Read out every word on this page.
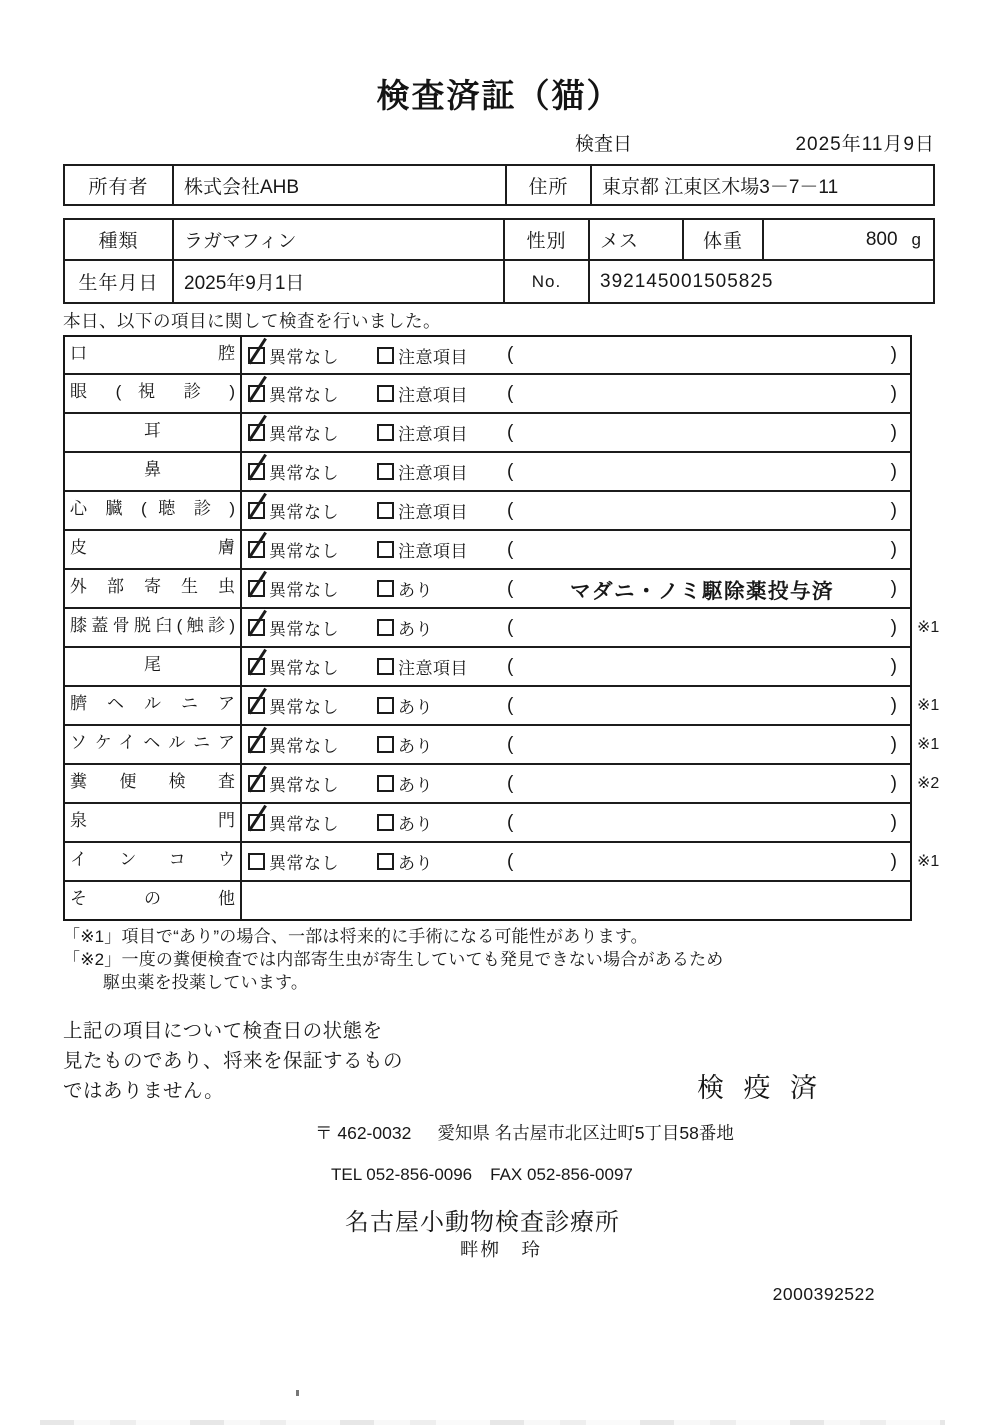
検査済証（猫）
検査日	2025年11月9日
所有者	株式会社AHB	住所	東京都 江東区木場3－7－11
種類	ラガマフィン	性別	メス	体重	800 g
生年月日	2025年9月1日	No.	392145001505825
本日、以下の項目に関して検査を行いました。
口 腔	異常なし	注意項目 (	)
眼 ( 視 診 )	異常なし	注意項目 (	)
耳	異常なし	注意項目 (	)
鼻	異常なし	注意項目 (	)
心 臓 ( 聴 診 )	異常なし	注意項目 (	)
皮 膚	異常なし	注意項目 (	)
外 部 寄 生 虫	異常なし	あり	(	マダニ・ノミ駆除薬投与済	)
膝蓋骨脱臼(触診)	異常なし	あり	(	)	※1
尾	異常なし	注意項目 (	)
臍 ヘ ル ニ ア	異常なし	あり	(	)	※1
ソケイヘルニア	異常なし	あり	(	)	※1
糞 便 検 査	異常なし	あり	(	)	※2
泉 門	異常なし	あり	(	)
イ ン コ ウ	異常なし	あり	(	)	※1
そ の 他
「※1」項目で“あり”の場合、一部は将来的に手術になる可能性があります。
「※2」一度の糞便検査では内部寄生虫が寄生していても発見できない場合があるため
駆虫薬を投薬しています。
上記の項目について検査日の状態を
見たものであり、将来を保証するもの
ではありません。	検 疫 済
〒 462-0032 愛知県 名古屋市北区辻町5丁目58番地
TEL 052-856-0096 FAX 052-856-0097
名古屋小動物検査診療所
畔栁　玲
2000392522
